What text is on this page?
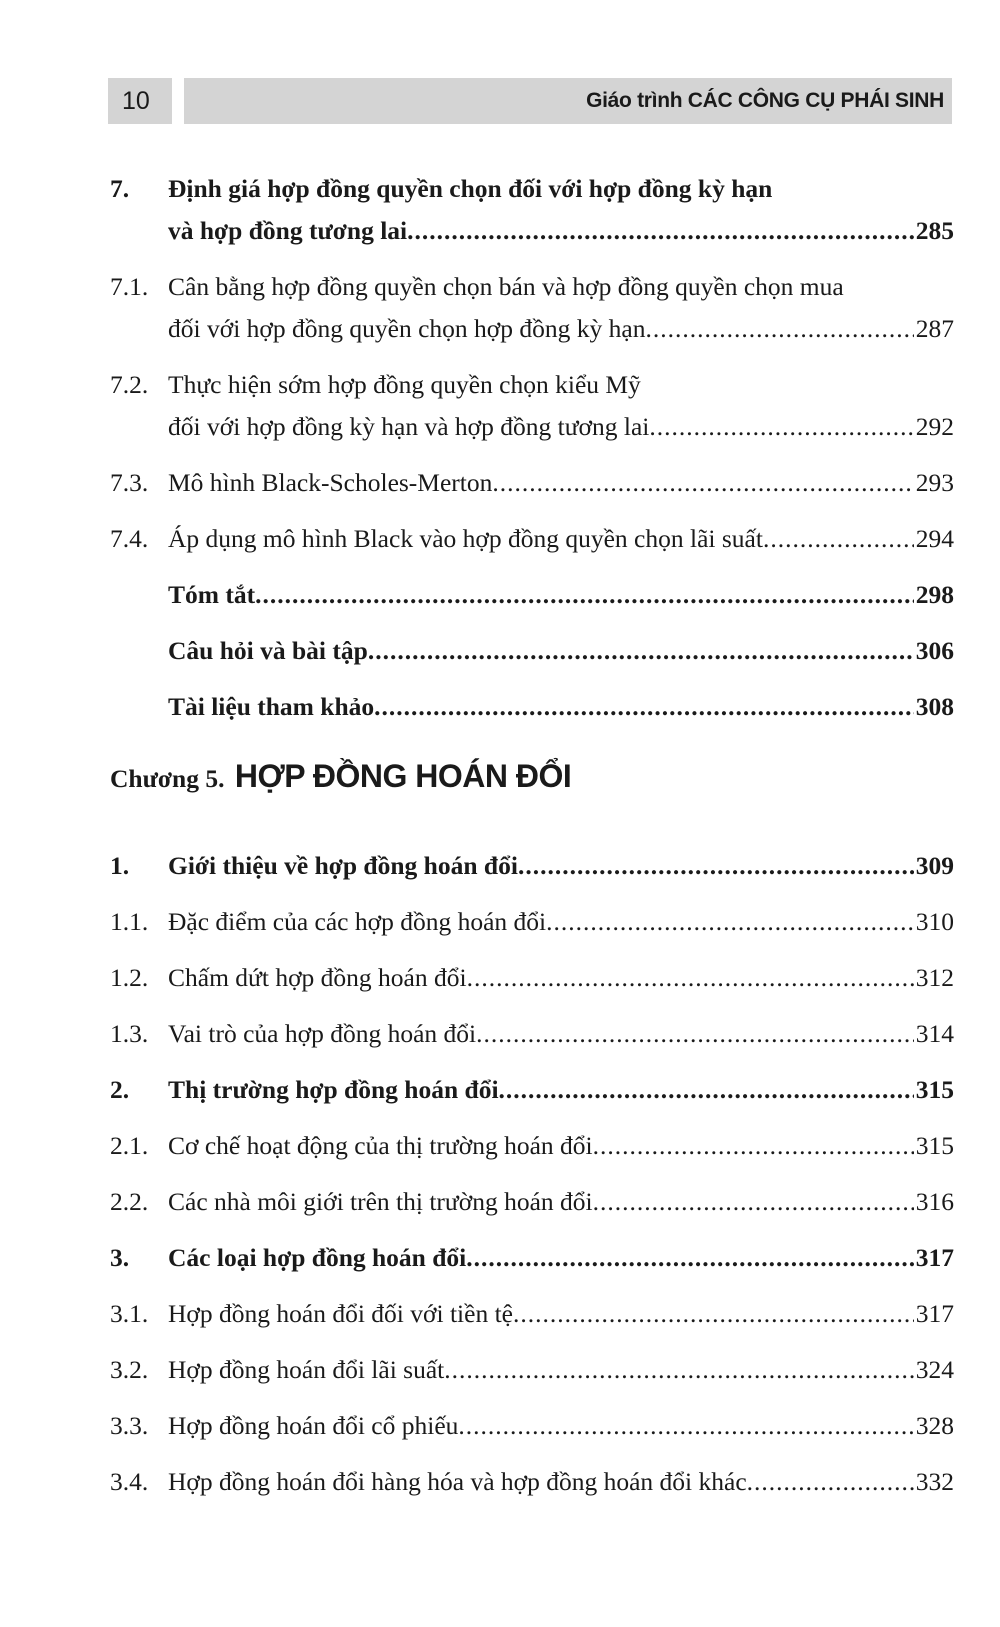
10	Giáo trình CÁC CÔNG CỤ PHÁI SINH
7.	Định giá hợp đồng quyền chọn đối với hợp đồng kỳ hạn
và hợp đồng tương lai .....	285
7.1. Cân bằng hợp đồng quyền chọn bán và hợp đồng quyền chọn mua
đối với hợp đồng quyền chọn hợp đồng kỳ hạn .....	287
7.2. Thực hiện sớm hợp đồng quyền chọn kiểu Mỹ
đối với hợp đồng kỳ hạn và hợp đồng tương lai .....	292
7.3. Mô hình Black-Scholes-Merton .....	293
7.4. Áp dụng mô hình Black vào hợp đồng quyền chọn lãi suất .....	294
Tóm tắt .....	298
Câu hỏi và bài tập .....	306
Tài liệu tham khảo .....	308
Chương 5. HỢP ĐỒNG HOÁN ĐỔI
1.	Giới thiệu về hợp đồng hoán đổi .....	309
1.1. Đặc điểm của các hợp đồng hoán đổi .....	310
1.2. Chấm dứt hợp đồng hoán đổi .....	312
1.3. Vai trò của hợp đồng hoán đổi .....	314
2.	Thị trường hợp đồng hoán đổi .....	315
2.1. Cơ chế hoạt động của thị trường hoán đổi .....	315
2.2. Các nhà môi giới trên thị trường hoán đổi .....	316
3.	Các loại hợp đồng hoán đổi .....	317
3.1. Hợp đồng hoán đổi đối với tiền tệ .....	317
3.2. Hợp đồng hoán đổi lãi suất .....	324
3.3. Hợp đồng hoán đổi cổ phiếu .....	328
3.4. Hợp đồng hoán đổi hàng hóa và hợp đồng hoán đổi khác .....	332
